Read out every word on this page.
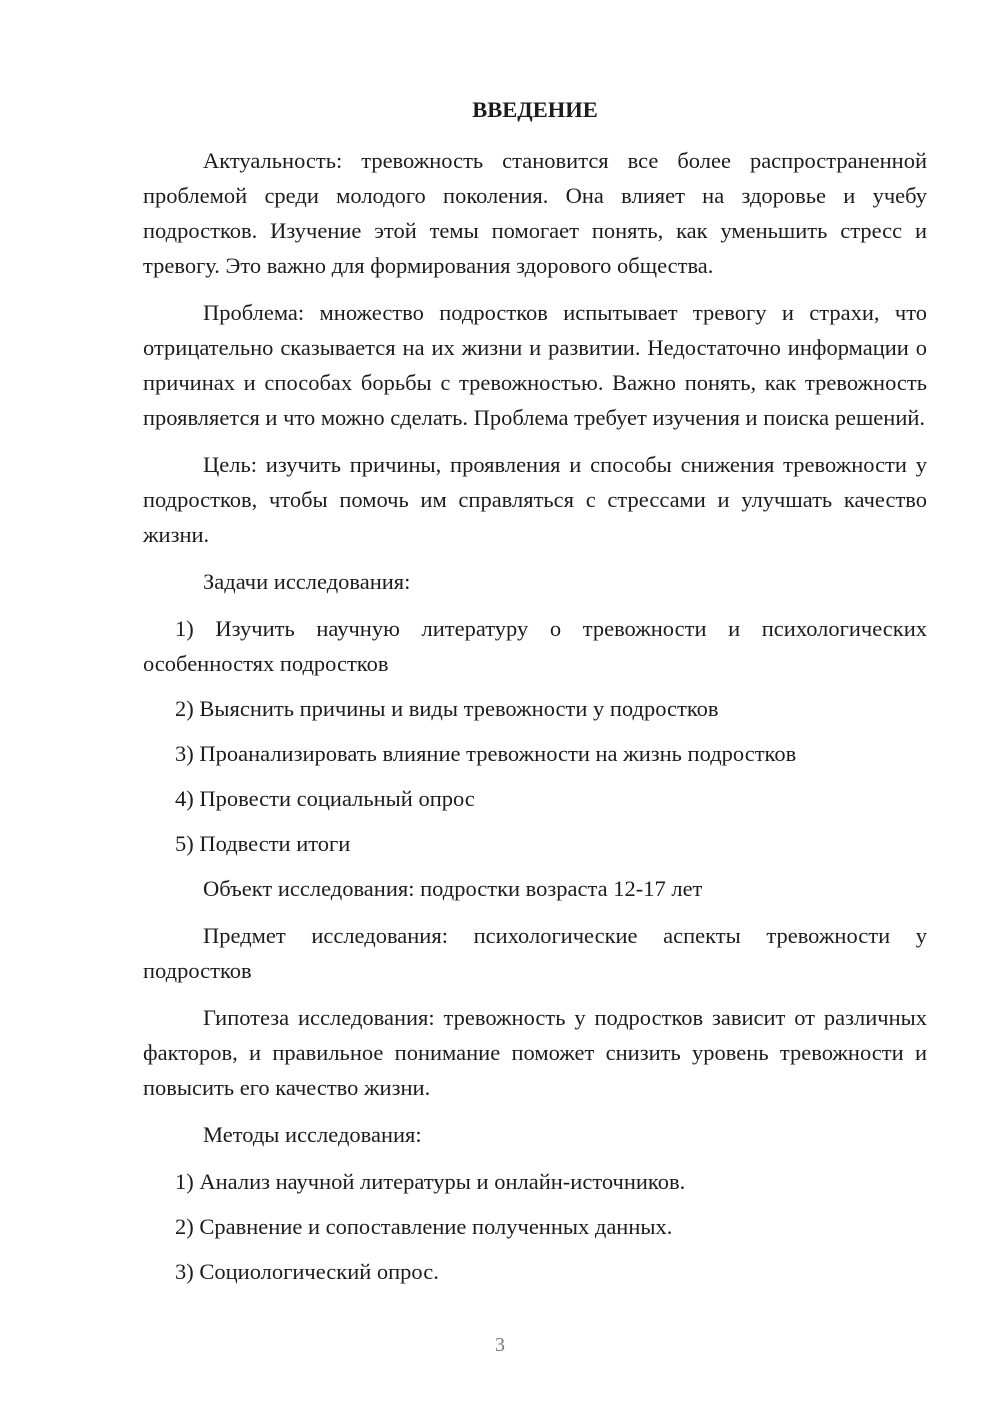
ВВЕДЕНИЕ

Актуальность: тревожность становится все более распространенной проблемой среди молодого поколения. Она влияет на здоровье и учебу подростков. Изучение этой темы помогает понять, как уменьшить стресс и тревогу. Это важно для формирования здорового общества.

Проблема: множество подростков испытывает тревогу и страхи, что отрицательно сказывается на их жизни и развитии. Недостаточно информации о причинах и способах борьбы с тревожностью. Важно понять, как тревожность проявляется и что можно сделать. Проблема требует изучения и поиска решений.

Цель: изучить причины, проявления и способы снижения тревожности у подростков, чтобы помочь им справляться с стрессами и улучшать качество жизни.

Задачи исследования:

1) Изучить научную литературу о тревожности и психологических особенностях подростков

2) Выяснить причины и виды тревожности у подростков

3) Проанализировать влияние тревожности на жизнь подростков

4) Провести социальный опрос

5) Подвести итоги

Объект исследования: подростки возраста 12-17 лет

Предмет исследования: психологические аспекты тревожности у подростков

Гипотеза исследования: тревожность у подростков зависит от различных факторов, и правильное понимание поможет снизить уровень тревожности и повысить его качество жизни.

Методы исследования:

1) Анализ научной литературы и онлайн-источников.

2) Сравнение и сопоставление полученных данных.

3) Социологический опрос.

3
